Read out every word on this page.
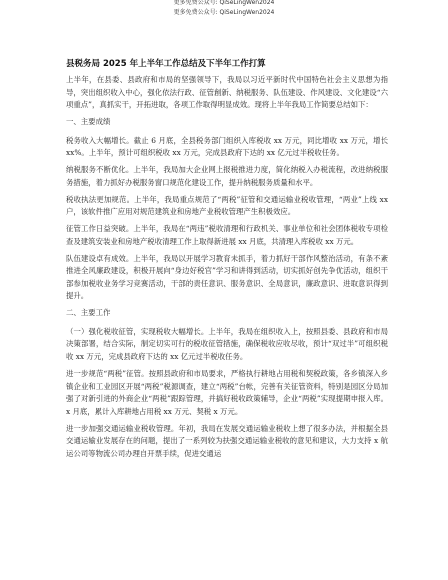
更多免费公众号: QiSeLingWen2024
更多免费公众号: QiSeLingWen2024
县税务局 2025 年上半年工作总结及下半年工作打算

上半年，在县委、县政府和市局的坚强领导下，我局以习近平新时代中国特色社会主义思想为指导，突出组织收入中心，强化依法行政、征管創新、纳税服务、队伍建设、作风建设、文化建设“六项重点”，真抓实干，开拓进取，各项工作取得明显成效。现将上半年我局工作简要总结如下：

一、主要成绩

税务收入大幅增长。截止 6 月底，全县税务部门组织入库税收 xx 万元，同比增收 xx 万元，增长 xx%。上半年，预计可组织税收 xx 万元，完成县政府下达的 xx 亿元过半税收任务。

纳税服务不断优化。上半年，我局加大企业网上报税推进力度，简化纳税入办税流程，改进纳税服务措施，着力抓好办税服务窗口规范化建设工作，提升纳税服务质量和水平。

税收执法更加规范。上半年，我局重点规范了“两税”征管和交通运输业税收管理，“两业”上线 xx 户，该软件推广应用对规范建筑业和房地产业税收管理产生积极效应。

征管工作日益突破。上半年，我局在“两违”税收清理和行政机关、事业单位和社会团体税收专项检查及建筑安装业和房地产税收清理工作上取得新进展 xx 月底，共清理入库税收 xx 万元。

队伍建设卓有成效。上半年，我局以开展学习教育未抓手，着力抓好干部作风整治活动，有条不紊推进全风廉政建设，积极开展向“身边好税官”学习和讲得到活动，切实抓好创先争优活动，组织干部参加税收业务学习竞赛活动，干部的责任意识、服务意识、全局意识，廉政意识、进取意识得到提升。

二、主要工作

（一）强化税收征管，实现税收大幅增长。上半年，我局在组织收入上，按照县委、县政府和市局决策部署，结合实际，制定切实可行的税收征管措施，确保税收应收尽收，预计“双过半”可组织税收 xx 万元，完成县政府下达的 xx 亿元过半税收任务。

进一步规范“两税”征管。按照县政府和市局要求，严格执行耕地占用税和契税政策，各乡镇深入乡镇企业和工业园区开展“两税”税源调查，建立“两税”台帐，完善有关征管资料，特别是园区分局加强了对新引进的外商企业“两税”跟踪管理，并搞好税收政策辅导，企业“两税”实现提期申报入库。x 月底，累计入库耕地占用税 xx 万元、契税 x 万元。

进一步加强交通运输业税收管理。年初，我局在发展交通运输业税收上想了很多办法，并根据全县交通运输业发展存在的问题，提出了一系列较为扶强交通运输业税收的意见和建议，大力支持 x 航运公司等物流公司办理自开票手续，促进交通运
